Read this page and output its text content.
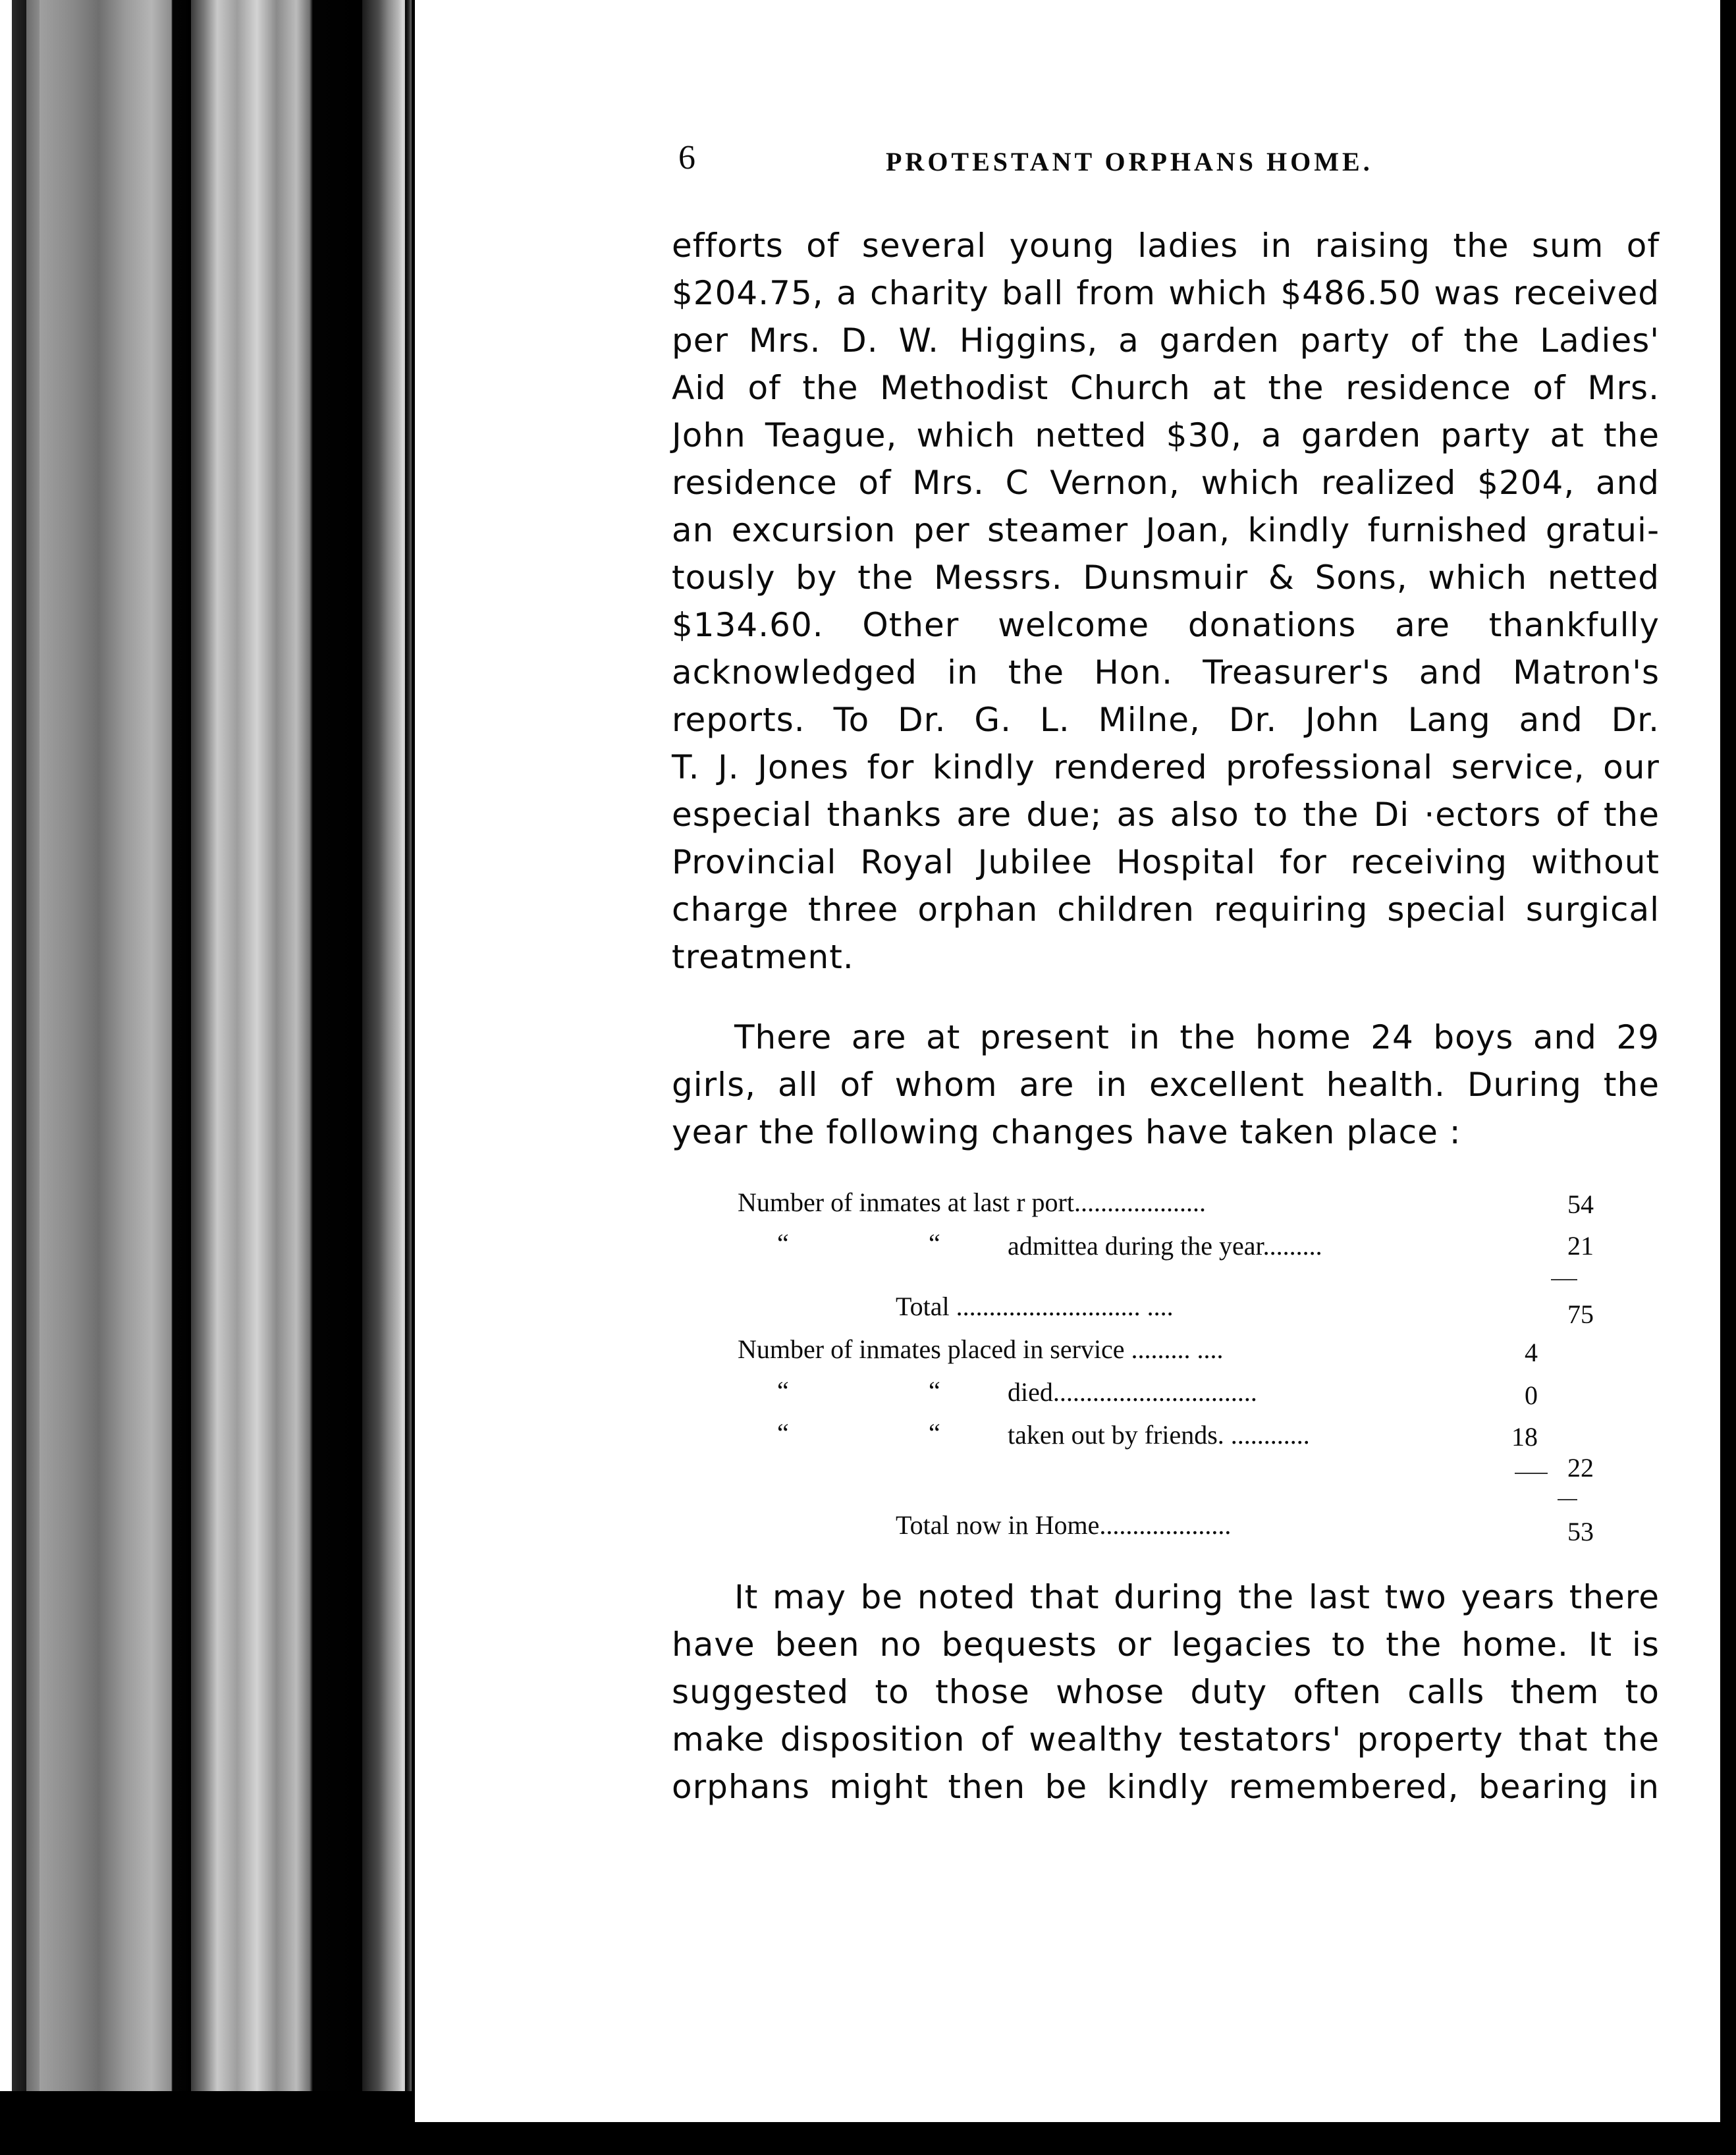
6	PROTESTANT ORPHANS HOME.
efforts of several young ladies in raising the sum of
$204.75, a charity ball from which $486.50 was received
per Mrs. D. W. Higgins, a garden party of the Ladies'
Aid of the Methodist Church at the residence of Mrs.
John Teague, which netted $30, a garden party at the
residence of Mrs. C Vernon, which realized $204, and
an excursion per steamer Joan, kindly furnished gratui-
tously by the Messrs. Dunsmuir & Sons, which netted
$134.60. Other welcome donations are thankfully
acknowledged in the Hon. Treasurer's and Matron's
reports. To Dr. G. L. Milne, Dr. John Lang and Dr.
T. J. Jones for kindly rendered professional service, our
especial thanks are due; as also to the Di ·ectors of the
Provincial Royal Jubilee Hospital for receiving without
charge three orphan children requiring special surgical
treatment.
There are at present in the home 24 boys and 29
girls, all of whom are in excellent health. During the
year the following changes have taken place :
Number of inmates at last r port....................	54
“	“	admittea during the year.........	21
Total ............................ ....	75
Number of inmates placed in service ......... ....	4
“	“	died...............................	0
“	“	taken out by friends. ............	18
22
Total now in Home....................	53
It may be noted that during the last two years there
have been no bequests or legacies to the home. It is
suggested to those whose duty often calls them to
make disposition of wealthy testators' property that the
orphans might then be kindly remembered, bearing in
